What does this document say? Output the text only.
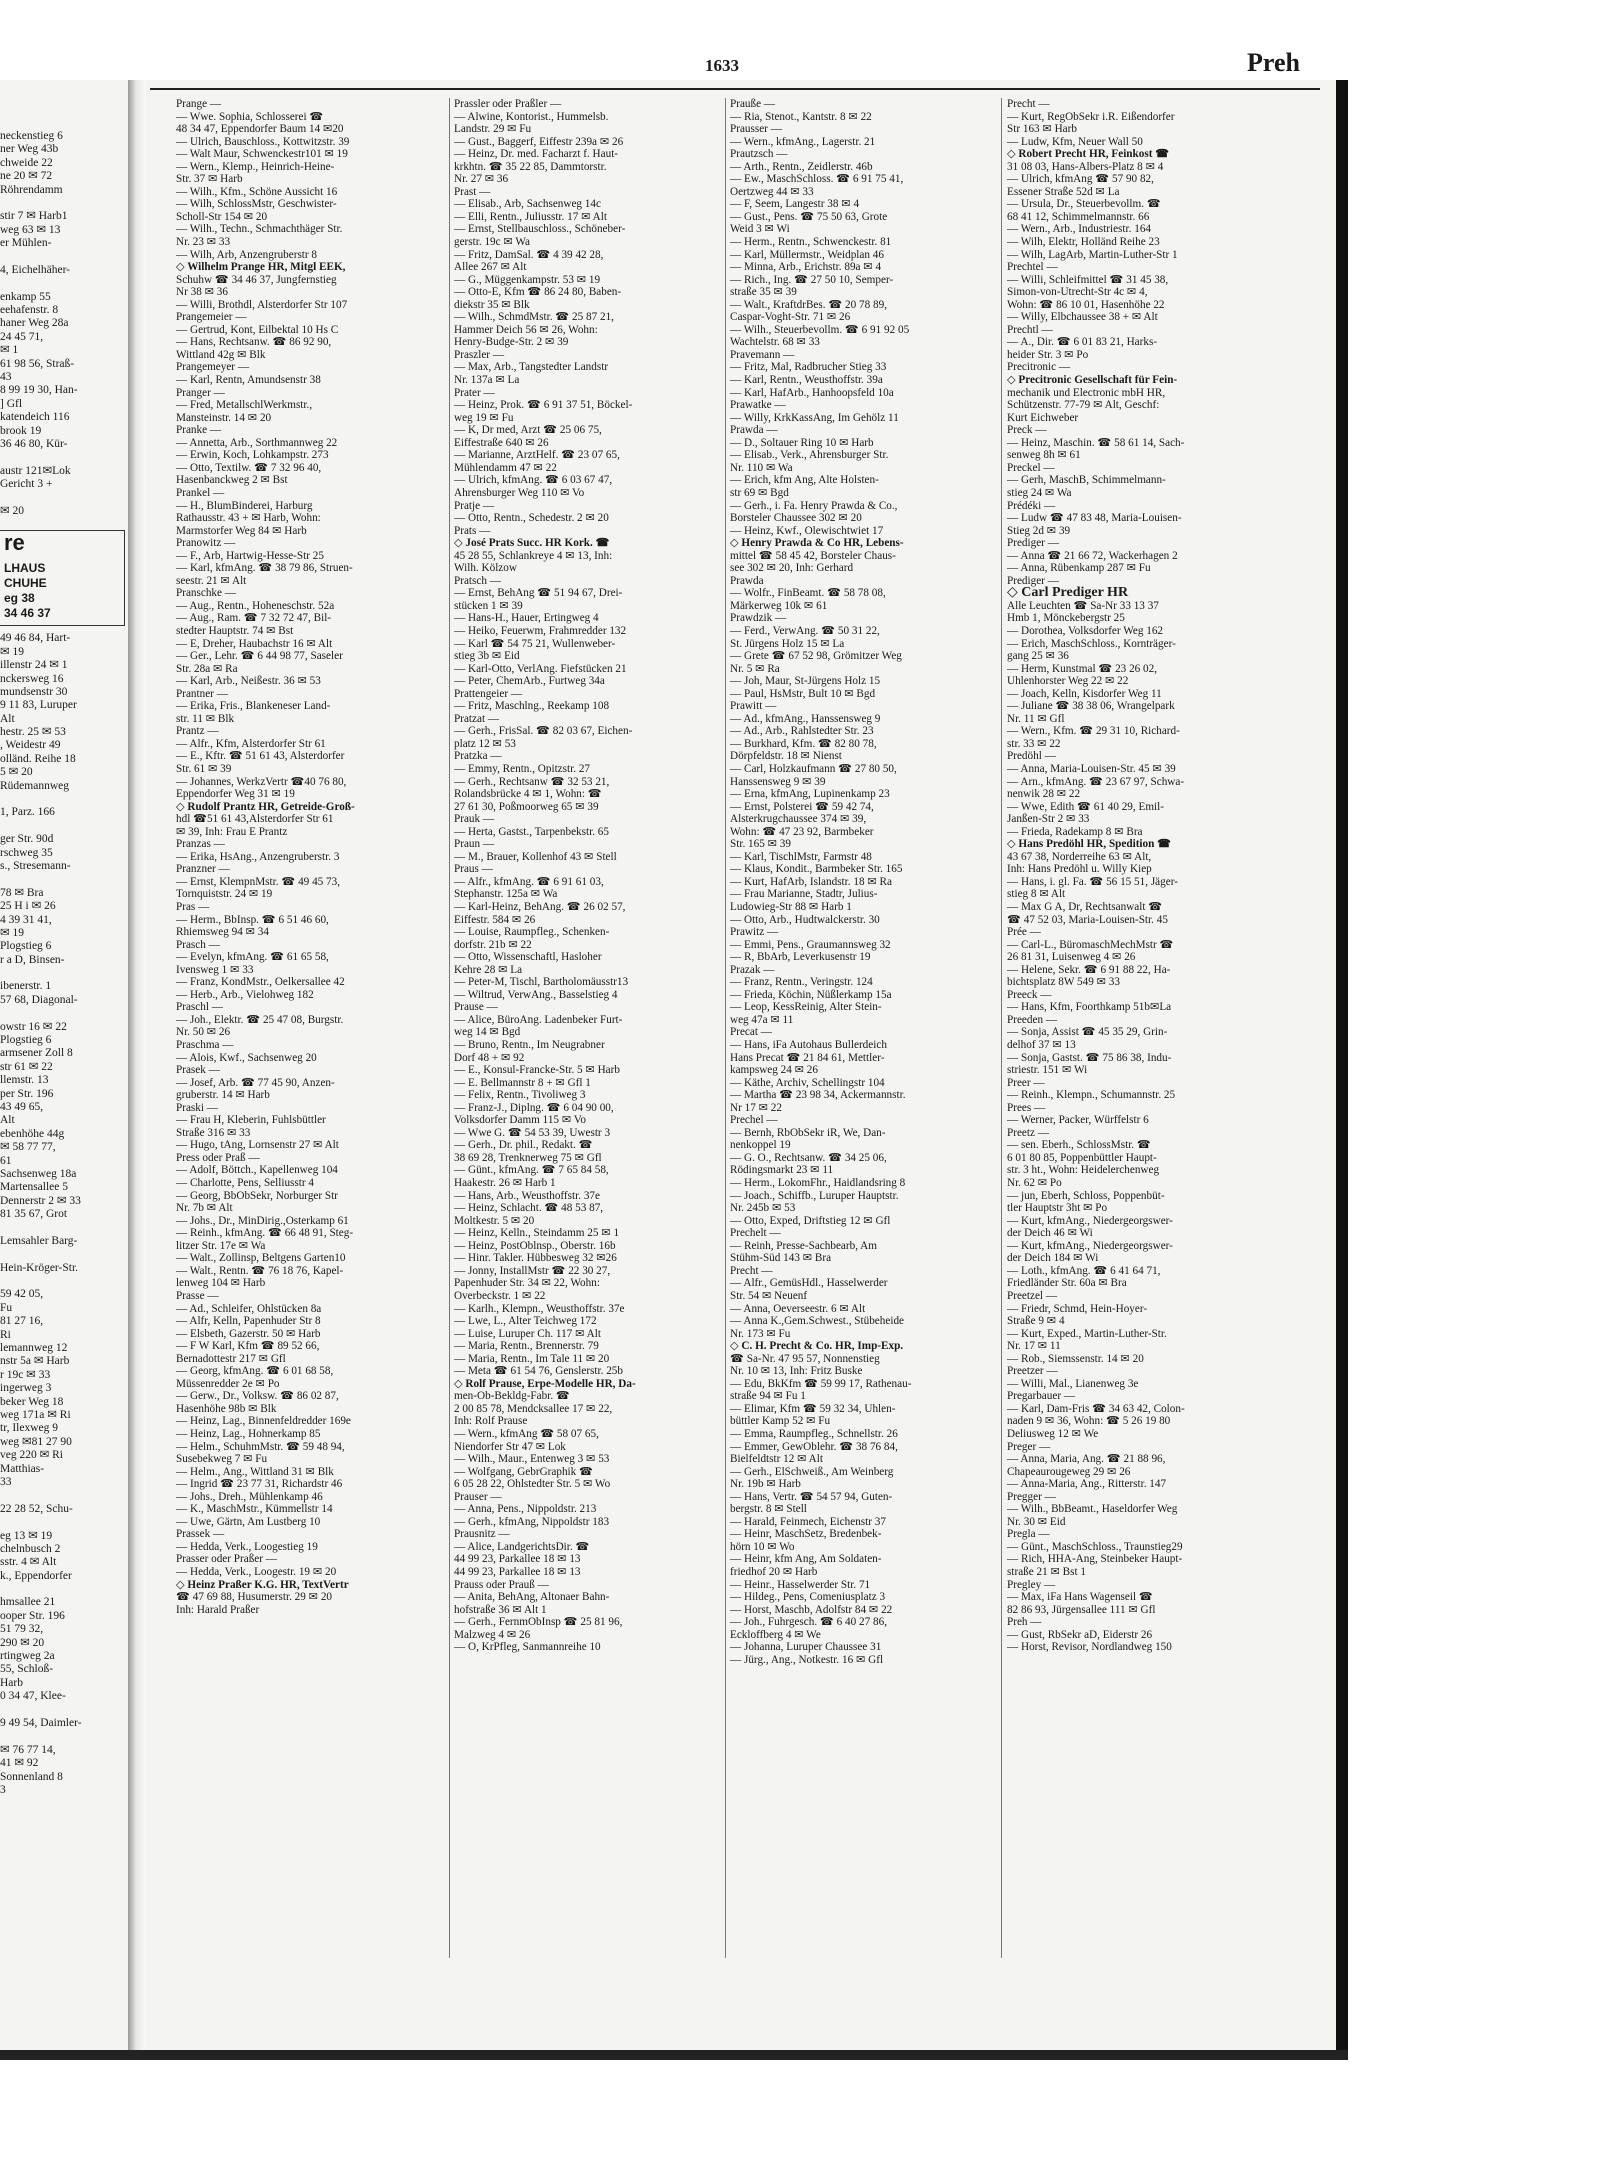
neckenstieg 6
ner Weg 43b
chweide 22
ne 20 ✉ 72
Röhrendamm
stir 7 ✉ Harb1
weg 63 ✉ 13
er Mühlen-
4, Eichelhäher-
enkamp 55
eehafenstr. 8
haner Weg 28a
24 45 71,
✉ 1
61 98 56, Straß-
43
8 99 19 30, Han-
] Gfl
katendeich 116
brook 19
36 46 80, Kür-
austr 121✉Lok
Gericht 3 +
✉ 20
re
LHAUS
CHUHE
eg 38
34 46 37
49 46 84, Hart-
✉ 19
illenstr 24 ✉ 1
nckersweg 16
mundsenstr 30
9 11 83, Luruper
Alt
hestr. 25 ✉ 53
, Weidestr 49
olländ. Reihe 18
5 ✉ 20
Rüdemannweg
1, Parz. 166
ger Str. 90d
rschweg 35
s., Stresemann-
78 ✉ Bra
25 H i ✉ 26
4 39 31 41,
✉ 19
Plogstieg 6
r a D, Binsen-
ibenerstr. 1
57 68, Diagonal-
owstr 16 ✉ 22
Plogstieg 6
armsener Zoll 8
str 61 ✉ 22
llemstr. 13
per Str. 196
43 49 65,
Alt
ebenhöhe 44g
✉ 58 77 77,
61
Sachsenweg 18a
Martensallee 5
Dennerstr 2 ✉ 33
81 35 67, Grot
Lemsahler Barg-
Hein-Kröger-Str.
59 42 05,
Fu
81 27 16,
Ri
lemannweg 12
nstr 5a ✉ Harb
r 19c ✉ 33
ingerweg 3
beker Weg 18
weg 171a ✉ Ri
tr, Ilexweg 9
weg ✉81 27 90
veg 220 ✉ Ri
Matthias-
33
22 28 52, Schu-
eg 13 ✉ 19
chelnbusch 2
sstr. 4 ✉ Alt
k., Eppendorfer
hmsallee 21
ooper Str. 196
51 79 32,
290 ✉ 20
rtingweg 2a
55, Schloß-
Harb
0 34 47, Klee-
9 49 54, Daimler-
✉ 76 77 14,
41 ✉ 92
Sonnenland 8
3
1633	Preh
Prange —
— Wwe. Sophia, Schlosserei ☎
48 34 47, Eppendorfer Baum 14 ✉20
— Ulrich, Bauschloss., Kottwitzstr. 39
— Walt Maur, Schwenckestr101 ✉ 19
— Wern., Klemp., Heinrich-Heine-
Str. 37 ✉ Harb
— Wilh., Kfm., Schöne Aussicht 16
— Wilh, SchlossMstr, Geschwister-
Scholl-Str 154 ✉ 20
— Wilh., Techn., Schmachthäger Str.
Nr. 23 ✉ 33
— Wilh, Arb, Anzengruberstr 8
◇ Wilhelm Prange HR, Mitgl EEK,
Schuhw ☎ 34 46 37, Jungfernstieg
Nr 38 ✉ 36
— Willi, Brothdl, Alsterdorfer Str 107
Prangemeier —
— Gertrud, Kont, Eilbektal 10 Hs C
— Hans, Rechtsanw. ☎ 86 92 90,
Wittland 42g ✉ Blk
Prangemeyer —
— Karl, Rentn, Amundsenstr 38
Pranger —
— Fred, MetallschlWerkmstr.,
Mansteinstr. 14 ✉ 20
Pranke —
— Annetta, Arb., Sorthmannweg 22
— Erwin, Koch, Lohkampstr. 273
— Otto, Textilw. ☎ 7 32 96 40,
Hasenbanckweg 2 ✉ Bst
Prankel —
— H., BlumBinderei, Harburg
Rathausstr. 43 + ✉ Harb, Wohn:
Marmstorfer Weg 84 ✉ Harb
Pranowitz —
— F., Arb, Hartwig-Hesse-Str 25
— Karl, kfmAng. ☎ 38 79 86, Struen-
seestr. 21 ✉ Alt
Pranschke —
— Aug., Rentn., Hoheneschstr. 52a
— Aug., Ram. ☎ 7 32 72 47, Bil-
stedter Hauptstr. 74 ✉ Bst
— E, Dreher, Haubachstr 16 ✉ Alt
— Ger., Lehr. ☎ 6 44 98 77, Saseler
Str. 28a ✉ Ra
— Karl, Arb., Neißestr. 36 ✉ 53
Prantner —
— Erika, Fris., Blankeneser Land-
str. 11 ✉ Blk
Prantz —
— Alfr., Kfm, Alsterdorfer Str 61
— E., Kftr. ☎ 51 61 43, Alsterdorfer
Str. 61 ✉ 39
— Johannes, WerkzVertr ☎40 76 80,
Eppendorfer Weg 31 ✉ 19
◇ Rudolf Prantz HR, Getreide-Groß-
hdl ☎51 61 43,Alsterdorfer Str 61
✉ 39, Inh: Frau E Prantz
Pranzas —
— Erika, HsAng., Anzengruberstr. 3
Pranzner —
— Ernst, KlempnMstr. ☎ 49 45 73,
Tornquiststr. 24 ✉ 19
Pras —
— Herm., BbInsp. ☎ 6 51 46 60,
Rhiemsweg 94 ✉ 34
Prasch —
— Evelyn, kfmAng. ☎ 61 65 58,
Ivensweg 1 ✉ 33
— Franz, KondMstr., Oelkersallee 42
— Herb., Arb., Vielohweg 182
Praschl —
— Joh., Elektr. ☎ 25 47 08, Burgstr.
Nr. 50 ✉ 26
Praschma —
— Alois, Kwf., Sachsenweg 20
Prasek —
— Josef, Arb. ☎ 77 45 90, Anzen-
gruberstr. 14 ✉ Harb
Praski —
— Frau H, Kleberin, Fuhlsbüttler
Straße 316 ✉ 33
— Hugo, tAng, Lornsenstr 27 ✉ Alt
Press oder Praß —
— Adolf, Böttch., Kapellenweg 104
— Charlotte, Pens, Selliusstr 4
— Georg, BbObSekr, Norburger Str
Nr. 7b ✉ Alt
— Johs., Dr., MinDirig.,Osterkamp 61
— Reinh., kfmAng. ☎ 66 48 91, Steg-
litzer Str. 17e ✉ Wa
— Walt., Zollinsp, Beltgens Garten10
— Walt., Rentn. ☎ 76 18 76, Kapel-
lenweg 104 ✉ Harb
Prasse —
— Ad., Schleifer, Ohlstücken 8a
— Alfr, Kelln, Papenhuder Str 8
— Elsbeth, Gazerstr. 50 ✉ Harb
— F W Karl, Kfm ☎ 89 52 66,
Bernadottestr 217 ✉ Gfl
— Georg, kfmAng. ☎ 6 01 68 58,
Müssenredder 2e ✉ Po
— Gerw., Dr., Volksw. ☎ 86 02 87,
Hasenhöhe 98b ✉ Blk
— Heinz, Lag., Binnenfeldredder 169e
— Heinz, Lag., Hohnerkamp 85
— Helm., SchuhmMstr. ☎ 59 48 94,
Susebekweg 7 ✉ Fu
— Helm., Ang., Wittland 31 ✉ Blk
— Ingrid ☎ 23 77 31, Richardstr 46
— Johs., Dreh., Mühlenkamp 46
— K., MaschMstr., Kümmellstr 14
— Uwe, Gärtn, Am Lustberg 10
Prassek —
— Hedda, Verk., Loogestieg 19
Prasser oder Praßer —
— Hedda, Verk., Loogestr. 19 ✉ 20
◇ Heinz Praßer K.G. HR, TextVertr
☎ 47 69 88, Husumerstr. 29 ✉ 20
Inh: Harald Praßer
Prassler oder Praßler —
— Alwine, Kontorist., Hummelsb.
Landstr. 29 ✉ Fu
— Gust., Baggerf, Eiffestr 239a ✉ 26
— Heinz, Dr. med. Facharzt f. Haut-
krkhtn. ☎ 35 22 85, Dammtorstr.
Nr. 27 ✉ 36
Prast —
— Elisab., Arb, Sachsenweg 14c
— Elli, Rentn., Juliusstr. 17 ✉ Alt
— Ernst, Stellbauschloss., Schöneber-
gerstr. 19c ✉ Wa
— Fritz, DamSal. ☎ 4 39 42 28,
Allee 267 ✉ Alt
— G., Müggenkampstr. 53 ✉ 19
— Otto-E, Kfm ☎ 86 24 80, Baben-
diekstr 35 ✉ Blk
— Wilh., SchmdMstr. ☎ 25 87 21,
Hammer Deich 56 ✉ 26, Wohn:
Henry-Budge-Str. 2 ✉ 39
Praszler —
— Max, Arb., Tangstedter Landstr
Nr. 137a ✉ La
Prater —
— Heinz, Prok. ☎ 6 91 37 51, Böckel-
weg 19 ✉ Fu
— K, Dr med, Arzt ☎ 25 06 75,
Eiffestraße 640 ✉ 26
— Marianne, ArztHelf. ☎ 23 07 65,
Mühlendamm 47 ✉ 22
— Ulrich, kfmAng. ☎ 6 03 67 47,
Ahrensburger Weg 110 ✉ Vo
Pratje —
— Otto, Rentn., Schedestr. 2 ✉ 20
Prats —
◇ José Prats Succ. HR Kork. ☎
45 28 55, Schlankreye 4 ✉ 13, Inh:
Wilh. Kölzow
Pratsch —
— Ernst, BehAng ☎ 51 94 67, Drei-
stücken 1 ✉ 39
— Hans-H., Hauer, Ertingweg 4
— Heiko, Feuerwm, Frahmredder 132
— Karl ☎ 54 75 21, Wullenweber-
stieg 3b ✉ Eid
— Karl-Otto, VerlAng. Fiefstücken 21
— Peter, ChemArb., Furtweg 34a
Prattengeier —
— Fritz, Maschlng., Reekamp 108
Pratzat —
— Gerh., FrisSal. ☎ 82 03 67, Eichen-
platz 12 ✉ 53
Pratzka —
— Emmy, Rentn., Opitzstr. 27
— Gerh., Rechtsanw ☎ 32 53 21,
Rolandsbrücke 4 ✉ 1, Wohn: ☎
27 61 30, Poßmoorweg 65 ✉ 39
Prauk —
— Herta, Gastst., Tarpenbekstr. 65
Praun —
— M., Brauer, Kollenhof 43 ✉ Stell
Praus —
— Alfr., kfmAng. ☎ 6 91 61 03,
Stephanstr. 125a ✉ Wa
— Karl-Heinz, BehAng. ☎ 26 02 57,
Eiffestr. 584 ✉ 26
— Louise, Raumpfleg., Schenken-
dorfstr. 21b ✉ 22
— Otto, Wissenschaftl, Hasloher
Kehre 28 ✉ La
— Peter-M, Tischl, Bartholomäusstr13
— Wiltrud, VerwAng., Basselstieg 4
Prause —
— Alice, BüroAng. Ladenbeker Furt-
weg 14 ✉ Bgd
— Bruno, Rentn., Im Neugrabner
Dorf 48 + ✉ 92
— E., Konsul-Francke-Str. 5 ✉ Harb
— E. Bellmannstr 8 + ✉ Gfl 1
— Felix, Rentn., Tivoliweg 3
— Franz-J., Diplng. ☎ 6 04 90 00,
Volksdorfer Damm 115 ✉ Vo
— Wwe G. ☎ 54 53 39, Uwestr 3
— Gerh., Dr. phil., Redakt. ☎
38 69 28, Trenknerweg 75 ✉ Gfl
— Günt., kfmAng. ☎ 7 65 84 58,
Haakestr. 26 ✉ Harb 1
— Hans, Arb., Weusthoffstr. 37e
— Heinz, Schlacht. ☎ 48 53 87,
Moltkestr. 5 ✉ 20
— Heinz, Kelln., Steindamm 25 ✉ 1
— Heinz, PostOblnsp., Oberstr. 16b
— Hinr. Takler. Hübbesweg 32 ✉26
— Jonny, InstallMstr ☎ 22 30 27,
Papenhuder Str. 34 ✉ 22, Wohn:
Overbeckstr. 1 ✉ 22
— Karlh., Klempn., Weusthoffstr. 37e
— Lwe, L., Alter Teichweg 172
— Luise, Luruper Ch. 117 ✉ Alt
— Maria, Rentn., Brennerstr. 79
— Maria, Rentn., Im Tale 11 ✉ 20
— Meta ☎ 61 54 76, Genslerstr. 25b
◇ Rolf Prause, Erpe-Modelle HR, Da-
men-Ob-Bekldg-Fabr. ☎
2 00 85 78, Mendcksallee 17 ✉ 22,
Inh: Rolf Prause
— Wern., kfmAng ☎ 58 07 65,
Niendorfer Str 47 ✉ Lok
— Wilh., Maur., Entenweg 3 ✉ 53
— Wolfgang, GebrGraphik ☎
6 05 28 22, Ohlstedter Str. 5 ✉ Wo
Prauser —
— Anna, Pens., Nippoldstr. 213
— Gerh., kfmAng, Nippoldstr 183
Prausnitz —
— Alice, LandgerichtsDir. ☎
44 99 23, Parkallee 18 ✉ 13
44 99 23, Parkallee 18 ✉ 13
Prauss oder Prauß —
— Anita, BehAng, Altonaer Bahn-
hofstraße 36 ✉ Alt 1
— Gerh., FernmObInsp ☎ 25 81 96,
Malzweg 4 ✉ 26
— O, KrPfleg, Sanmannreihe 10
Prauße —
— Ria, Stenot., Kantstr. 8 ✉ 22
Prausser —
— Wern., kfmAng., Lagerstr. 21
Prautzsch —
— Arth., Rentn., Zeidlerstr. 46b
— Ew., MaschSchloss. ☎ 6 91 75 41,
Oertzweg 44 ✉ 33
— F, Seem, Langestr 38 ✉ 4
— Gust., Pens. ☎ 75 50 63, Grote
Weid 3 ✉ Wi
— Herm., Rentn., Schwenckestr. 81
— Karl, Müllermstr., Weidplan 46
— Minna, Arb., Erichstr. 89a ✉ 4
— Rich., Ing. ☎ 27 50 10, Semper-
straße 35 ✉ 39
— Walt., KraftdrBes. ☎ 20 78 89,
Caspar-Voght-Str. 71 ✉ 26
— Wilh., Steuerbevollm. ☎ 6 91 92 05
Wachtelstr. 68 ✉ 33
Pravemann —
— Fritz, Mal, Radbrucher Stieg 33
— Karl, Rentn., Weusthoffstr. 39a
— Karl, HafArb., Hanhoopsfeld 10a
Prawatke —
— Willy, KrkKassAng, Im Gehölz 11
Prawda —
— D., Soltauer Ring 10 ✉ Harb
— Elisab., Verk., Ahrensburger Str.
Nr. 110 ✉ Wa
— Erich, kfm Ang, Alte Holsten-
str 69 ✉ Bgd
— Gerh., i. Fa. Henry Prawda & Co.,
Borsteler Chaussee 302 ✉ 20
— Heinz, Kwf., Olewischtwiet 17
◇ Henry Prawda & Co HR, Lebens-
mittel ☎ 58 45 42, Borsteler Chaus-
see 302 ✉ 20, Inh: Gerhard
Prawda
— Wolfr., FinBeamt. ☎ 58 78 08,
Märkerweg 10k ✉ 61
Prawdzik —
— Ferd., VerwAng. ☎ 50 31 22,
St. Jürgens Holz 15 ✉ La
— Grete ☎ 67 52 98, Grömitzer Weg
Nr. 5 ✉ Ra
— Joh, Maur, St-Jürgens Holz 15
— Paul, HsMstr, Bult 10 ✉ Bgd
Prawitt —
— Ad., kfmAng., Hanssensweg 9
— Ad., Arb., Rahlstedter Str. 23
— Burkhard, Kfm. ☎ 82 80 78,
Dörpfeldstr. 18 ✉ Nienst
— Carl, Holzkaufmann ☎ 27 80 50,
Hanssensweg 9 ✉ 39
— Erna, kfmAng, Lupinenkamp 23
— Ernst, Polsterei ☎ 59 42 74,
Alsterkrugchaussee 374 ✉ 39,
Wohn: ☎ 47 23 92, Barmbeker
Str. 165 ✉ 39
— Karl, TischlMstr, Farmstr 48
— Klaus, Kondit., Barmbeker Str. 165
— Kurt, HafArb, Islandstr. 18 ✉ Ra
— Frau Marianne, Stadtr, Julius-
Ludowieg-Str 88 ✉ Harb 1
— Otto, Arb., Hudtwalckerstr. 30
Prawitz —
— Emmi, Pens., Graumannsweg 32
— R, BbArb, Leverkusenstr 19
Prazak —
— Franz, Rentn., Veringstr. 124
— Frieda, Köchin, Nüßlerkamp 15a
— Leop, KessReinig, Alter Stein-
weg 47a ✉ 11
Precat —
— Hans, iFa Autohaus Bullerdeich
Hans Precat ☎ 21 84 61, Mettler-
kampsweg 24 ✉ 26
— Käthe, Archiv, Schellingstr 104
— Martha ☎ 23 98 34, Ackermannstr.
Nr 17 ✉ 22
Prechel —
— Bernh, RbObSekr iR, We, Dan-
nenkoppel 19
— G. O., Rechtsanw. ☎ 34 25 06,
Rödingsmarkt 23 ✉ 11
— Herm., LokomFhr., Haidlandsring 8
— Joach., Schiffb., Luruper Hauptstr.
Nr. 245b ✉ 53
— Otto, Exped, Driftstieg 12 ✉ Gfl
Prechelt —
— Reinh, Presse-Sachbearb, Am
Stühm-Süd 143 ✉ Bra
Precht —
— Alfr., GemüsHdl., Hasselwerder
Str. 54 ✉ Neuenf
— Anna, Oeverseestr. 6 ✉ Alt
— Anna K.,Gem.Schwest., Stübeheide
Nr. 173 ✉ Fu
◇ C. H. Precht & Co. HR, Imp-Exp.
☎ Sa-Nr. 47 95 57, Nonnenstieg
Nr. 10 ✉ 13, Inh: Fritz Buske
— Edu, BkKfm ☎ 59 99 17, Rathenau-
straße 94 ✉ Fu 1
— Elimar, Kfm ☎ 59 32 34, Uhlen-
büttler Kamp 52 ✉ Fu
— Emma, Raumpfleg., Schnellstr. 26
— Emmer, GewOblehr. ☎ 38 76 84,
Bielfeldtstr 12 ✉ Alt
— Gerh., ElSchweiß., Am Weinberg
Nr. 19b ✉ Harb
— Hans, Vertr. ☎ 54 57 94, Guten-
bergstr. 8 ✉ Stell
— Harald, Feinmech, Eichenstr 37
— Heinr, MaschSetz, Bredenbek-
hörn 10 ✉ Wo
— Heinr, kfm Ang, Am Soldaten-
friedhof 20 ✉ Harb
— Heinr., Hasselwerder Str. 71
— Hildeg., Pens, Comeniusplatz 3
— Horst, Maschb, Adolfstr 84 ✉ 22
— Joh., Fuhrgesch. ☎ 6 40 27 86,
Eckloffberg 4 ✉ We
— Johanna, Luruper Chaussee 31
— Jürg., Ang., Notkestr. 16 ✉ Gfl
Precht —
— Kurt, RegObSekr i.R. Eißendorfer
Str 163 ✉ Harb
— Ludw, Kfm, Neuer Wall 50
◇ Robert Precht HR, Feinkost ☎
31 08 03, Hans-Albers-Platz 8 ✉ 4
— Ulrich, kfmAng ☎ 57 90 82,
Essener Straße 52d ✉ La
— Ursula, Dr., Steuerbevollm. ☎
68 41 12, Schimmelmannstr. 66
— Wern., Arb., Industriestr. 164
— Wilh, Elektr, Holländ Reihe 23
— Wilh, LagArb, Martin-Luther-Str 1
Prechtel —
— Willi, Schleifmittel ☎ 31 45 38,
Simon-von-Utrecht-Str 4c ✉ 4,
Wohn: ☎ 86 10 01, Hasenhöhe 22
— Willy, Elbchaussee 38 + ✉ Alt
Prechtl —
— A., Dir. ☎ 6 01 83 21, Harks-
heider Str. 3 ✉ Po
Precitronic —
◇ Precitronic Gesellschaft für Fein-
mechanik und Electronic mbH HR,
Schützenstr. 77-79 ✉ Alt, Geschf:
Kurt Eichweber
Preck —
— Heinz, Maschin. ☎ 58 61 14, Sach-
senweg 8h ✉ 61
Preckel —
— Gerh, MaschB, Schimmelmann-
stieg 24 ✉ Wa
Prédéki —
— Ludw ☎ 47 83 48, Maria-Louisen-
Stieg 2d ✉ 39
Prediger —
— Anna ☎ 21 66 72, Wackerhagen 2
— Anna, Rübenkamp 287 ✉ Fu
Prediger —
◇ Carl Prediger HR
Alle Leuchten ☎ Sa-Nr 33 13 37
Hmb 1, Mönckebergstr 25
— Dorothea, Volksdorfer Weg 162
— Erich, MaschSchloss., Kornträger-
gang 25 ✉ 36
— Herm, Kunstmal ☎ 23 26 02,
Uhlenhorster Weg 22 ✉ 22
— Joach, Kelln, Kisdorfer Weg 11
— Juliane ☎ 38 38 06, Wrangelpark
Nr. 11 ✉ Gfl
— Wern., Kfm. ☎ 29 31 10, Richard-
str. 33 ✉ 22
Predöhl —
— Anna, Maria-Louisen-Str. 45 ✉ 39
— Arn., kfmAng. ☎ 23 67 97, Schwa-
nenwik 28 ✉ 22
— Wwe, Edith ☎ 61 40 29, Emil-
Janßen-Str 2 ✉ 33
— Frieda, Radekamp 8 ✉ Bra
◇ Hans Predöhl HR, Spedition ☎
43 67 38, Norderreihe 63 ✉ Alt,
Inh: Hans Predöhl u. Willy Kiep
— Hans, i. gl. Fa. ☎ 56 15 51, Jäger-
stieg 8 ✉ Alt
— Max G A, Dr, Rechtsanwalt ☎
☎ 47 52 03, Maria-Louisen-Str. 45
Prée —
— Carl-L., BüromaschMechMstr ☎
26 81 31, Luisenweg 4 ✉ 26
— Helene, Sekr. ☎ 6 91 88 22, Ha-
bichtsplatz 8W 549 ✉ 33
Preeck —
— Hans, Kfm, Foorthkamp 51b✉La
Preeden —
— Sonja, Assist ☎ 45 35 29, Grin-
delhof 37 ✉ 13
— Sonja, Gastst. ☎ 75 86 38, Indu-
striestr. 151 ✉ Wi
Preer —
— Reinh., Klempn., Schumannstr. 25
Prees —
— Werner, Packer, Würffelstr 6
Preetz —
— sen. Eberh., SchlossMstr. ☎
6 01 80 85, Poppenbüttler Haupt-
str. 3 ht., Wohn: Heidelerchenweg
Nr. 62 ✉ Po
— jun, Eberh, Schloss, Poppenbüt-
tler Hauptstr 3ht ✉ Po
— Kurt, kfmAng., Niedergeorgswer-
der Deich 46 ✉ Wi
— Kurt, kfmAng., Niedergeorgswer-
der Deich 184 ✉ Wi
— Loth., kfmAng. ☎ 6 41 64 71,
Friedländer Str. 60a ✉ Bra
Preetzel —
— Friedr, Schmd, Hein-Hoyer-
Straße 9 ✉ 4
— Kurt, Exped., Martin-Luther-Str.
Nr. 17 ✉ 11
— Rob., Siemssenstr. 14 ✉ 20
Preetzer —
— Willi, Mal., Lianenweg 3e
Pregarbauer —
— Karl, Dam-Fris ☎ 34 63 42, Colon-
naden 9 ✉ 36, Wohn: ☎ 5 26 19 80
Deliusweg 12 ✉ We
Preger —
— Anna, Maria, Ang. ☎ 21 88 96,
Chapeaurougeweg 29 ✉ 26
— Anna-Maria, Ang., Ritterstr. 147
Pregger —
— Wilh., BbBeamt., Haseldorfer Weg
Nr. 30 ✉ Eid
Pregla —
— Günt., MaschSchloss., Traunstieg29
— Rich, HHA-Ang, Steinbeker Haupt-
straße 21 ✉ Bst 1
Pregley —
— Max, iFa Hans Wagenseil ☎
82 86 93, Jürgensallee 111 ✉ Gfl
Preh —
— Gust, RbSekr aD, Eiderstr 26
— Horst, Revisor, Nordlandweg 150
